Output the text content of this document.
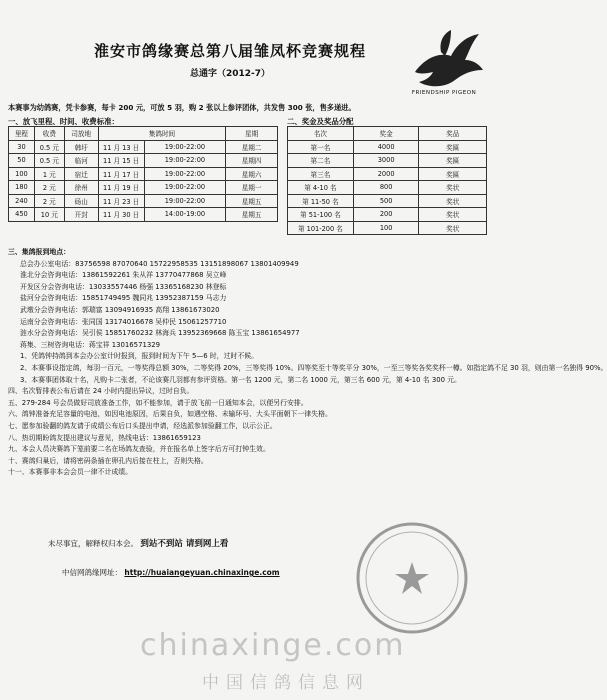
淮安市鸽缘赛总第八届雏凤杯竞赛规程
总通字（2012-7）
FRIENDSHIP PIGEON
本赛事为幼鸽赛，凭卡参赛，每卡 200 元，可放 5 羽，购 2 张以上参评团体，共发售 300 张，售多递进。
一、放飞里程、时间、收费标准：	二、奖金及奖品分配
里程	收费	司放地	集鸽时间		星期
30	0.5 元	韩圩	11 月 13 日	19:00-22:00	星期二
50	0.5 元	临河	11 月 15 日	19:00-22:00	星期四
100	1 元	宿迁	11 月 17 日	19:00-22:00	星期六
180	2 元	徐州	11 月 19 日	19:00-22:00	星期一
240	2 元	砀山	11 月 23 日	19:00-22:00	星期五
450	10 元	开封	11 月 30 日	14:00-19:00	星期五
名次	奖金	奖品
第一名	4000	奖匾
第二名	3000	奖匾
第三名	2000	奖匾
第 4-10 名	800	奖状
第 11-50 名	500	奖状
第 51-100 名	200	奖状
第 101-200 名	100	奖状
三、集鸽报到地点：
总会办公室电话：83756598 87070640 15722958535 13151898067 13801409949
淮北分会咨询电话：13861592261 朱从祥 13770477868 吴立峰
开发区分会咨询电话：13033557446 杨强 13365168230 林登标
盐河分会咨询电话：15851749495 魏同兆 13952387159 马志力
武墩分会咨询电话：郭瑞富 13094916935 高翔 13861673020
运南分会咨询电话：张同国 13174016678 吴仲民 15061257710
涟水分会咨询电话：吴引侯 15851760232 林海兵 13952369668 陈玉宝 13861654977
蒋集、三树咨询电话：蒋宝祥 13016571329
1、凭鸽钟持鸽到本会办公室计时报到，报到时间为下午 5—6 时，过时不候。
2、本赛事设指定鸽，每羽一百元，一等奖得总额 30%，二等奖得 20%，三等奖得 10%。四等奖至十等奖平分 30%，一至三等奖各奖奖杯一樽。如指定鸽不足 30 羽，则由第一名独得 90%。
3、本赛事团体取十名，凡购卡二张者，不论该赛几羽都有参评资格。第一名 1200 元，第二名 1000 元，第三名 600 元，第 4-10 名 300 元。
四、名次暂排表公布后请在 24 小时内提出异议，过时自负。
五、279-284 号会员做好司放准备工作，如不能参加，请于放飞前一日通知本会，以便另行安排。
六、鸽钟准备充足容量的电池，如因电池原因，后果自负，如遇空格、未输环号、大头平面朝下一律失格。
七、愿参加验翻的鸽友请于成绩公布后口头提出申请，经选派参加验翻工作，以示公正。
八、热切期盼鸽友提出建议与意见，热线电话：13861659123
九、本会人员决赛鸽下笼前要二名在场鸽友查验，并在报名单上签字后方可打钟生效。
十、赛鸽归巢后，请将密码条插在卵孔内后接在柱上，否则失格。
十一、本赛事非本会会员一律不计成绩。
未尽事宜，解释权归本会。 到站不到站 请到网上看
中信网鸽缘网址： http://huaiangeyuan.chinaxinge.com
chinaxinge.com
中国信鸽信息网
